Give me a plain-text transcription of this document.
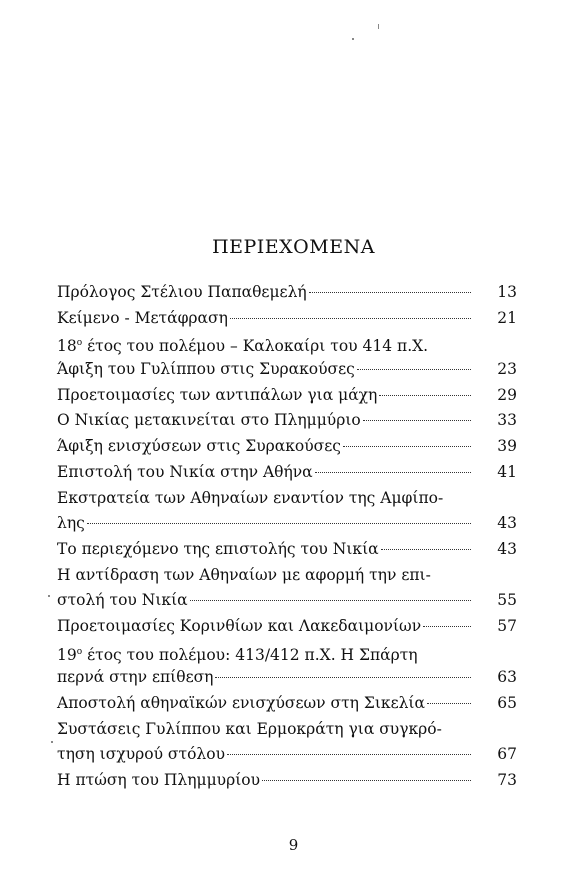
ΠΕΡΙΕΧΟΜΕΝΑ
Πρόλογος Στέλιου Παπαθεμελή	13
Κείμενο - Μετάφραση	21
$18^o$ έτος του πολέμου – Καλοκαίρι του 414 π.Χ.
Άφιξη του Γυλίππου στις Συρακούσες	23
Προετοιμασίες των αντιπάλων για μάχη	29
Ο Νικίας μετακινείται στο Πλημμύριο	33
Άφιξη ενισχύσεων στις Συρακούσες	39
Επιστολή του Νικία στην Αθήνα	41
Εκστρατεία των Αθηναίων εναντίον της Αμφίπο-
λης	43
Το περιεχόμενο της επιστολής του Νικία	43
Η αντίδραση των Αθηναίων με αφορμή την επι-
στολή του Νικία	55
Προετοιμασίες Κορινθίων και Λακεδαιμονίων	57
$19^o$ έτος του πολέμου: 413/412 π.Χ. Η Σπάρτη
περνά στην επίθεση	63
Αποστολή αθηναϊκών ενισχύσεων στη Σικελία	65
Συστάσεις Γυλίππου και Ερμοκράτη για συγκρό-
τηση ισχυρού στόλου	67
Η πτώση του Πλημμυρίου	73
9
